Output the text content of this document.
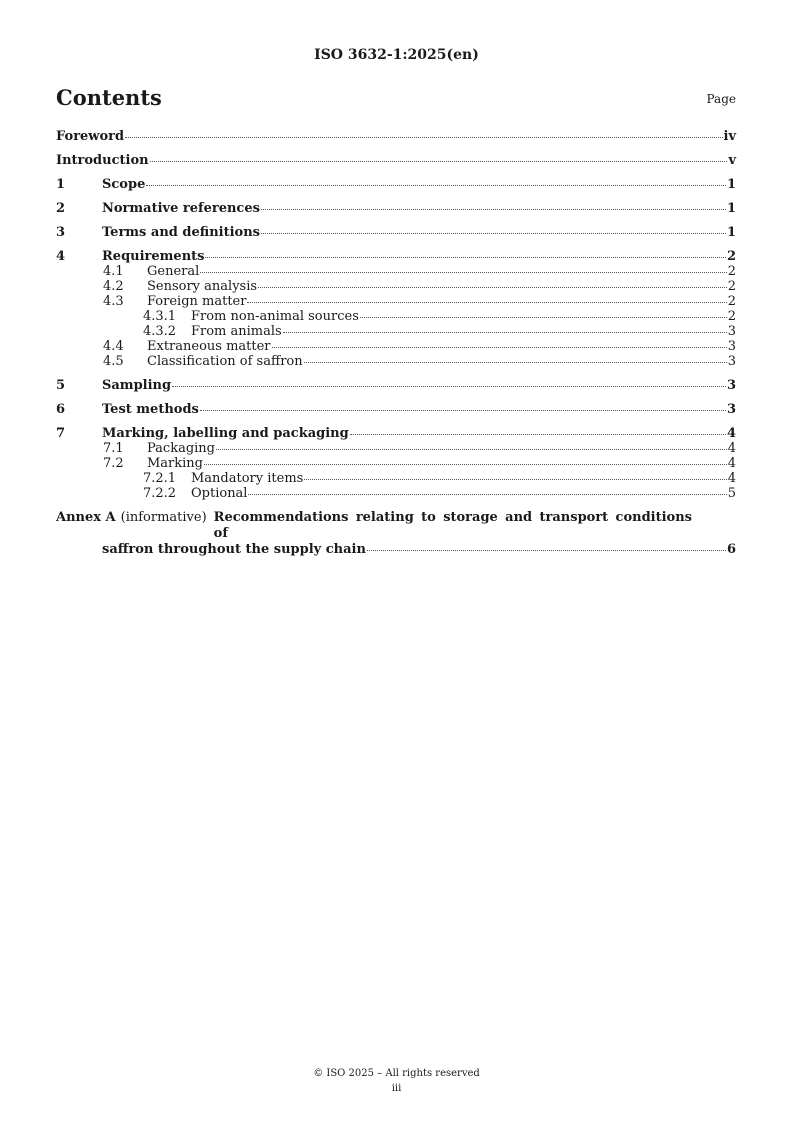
ISO 3632-1:2025(en)
Contents	Page
Foreword	iv
Introduction	v
1	Scope	1
2	Normative references	1
3	Terms and definitions	1
4	Requirements	2
4.1	General	2
4.2	Sensory analysis	2
4.3	Foreign matter	2
4.3.1	From non-animal sources	2
4.3.2	From animals	3
4.4	Extraneous matter	3
4.5	Classification of saffron	3
5	Sampling	3
6	Test methods	3
7	Marking, labelling and packaging	4
7.1	Packaging	4
7.2	Marking	4
7.2.1	Mandatory items	4
7.2.2	Optional	5
Annex A (informative) Recommendations relating to storage and transport conditions of
saffron throughout the supply chain	6
© ISO 2025 – All rights reserved
iii
